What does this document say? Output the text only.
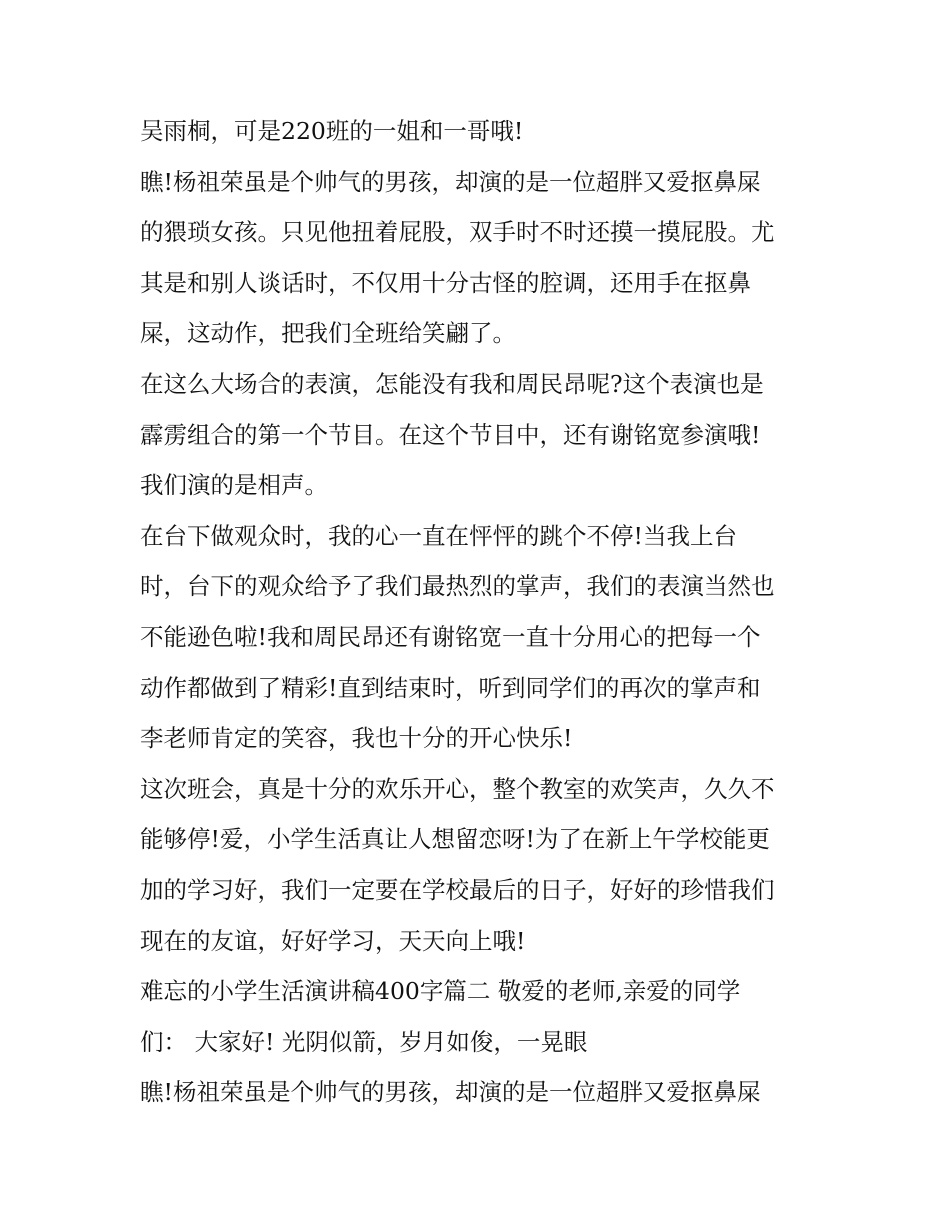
吴雨桐，可是220班的一姐和一哥哦!
瞧!杨祖荣虽是个帅气的男孩，却演的是一位超胖又爱抠鼻屎
的猥琐女孩。只见他扭着屁股，双手时不时还摸一摸屁股。尤
其是和别人谈话时，不仅用十分古怪的腔调，还用手在抠鼻
屎，这动作，把我们全班给笑翩了。
在这么大场合的表演，怎能没有我和周民昂呢?这个表演也是
霹雳组合的第一个节目。在这个节目中，还有谢铭宽参演哦!
我们演的是相声。
在台下做观众时，我的心一直在怦怦的跳个不停!当我上台
时，台下的观众给予了我们最热烈的掌声，我们的表演当然也
不能逊色啦!我和周民昂还有谢铭宽一直十分用心的把每一个
动作都做到了精彩!直到结束时，听到同学们的再次的掌声和
李老师肯定的笑容，我也十分的开心快乐!
这次班会，真是十分的欢乐开心，整个教室的欢笑声，久久不
能够停!爱，小学生活真让人想留恋呀!为了在新上午学校能更
加的学习好，我们一定要在学校最后的日子，好好的珍惜我们
现在的友谊，好好学习，天天向上哦!
难忘的小学生活演讲稿400字篇二 敬爱的老师,亲爱的同学
们： 大家好! 光阴似箭，岁月如俊，一晃眼
瞧!杨祖荣虽是个帅气的男孩，却演的是一位超胖又爱抠鼻屎
